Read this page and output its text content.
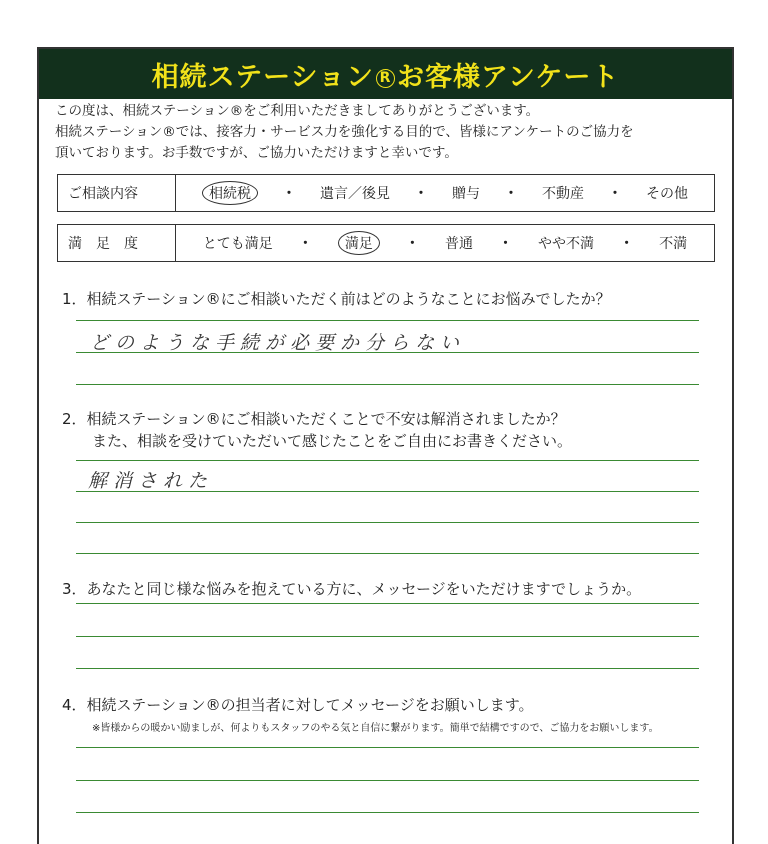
相続ステーション R お客様アンケート
この度は、相続ステーション®をご利用いただきましてありがとうございます。
相続ステーション®では、接客力・サービス力を強化する目的で、皆様にアンケートのご協力を
頂いております。お手数ですが、ご協力いただけますと幸いです。
ご相談内容	相続税	・ 遺言／後見 ・ 贈与 ・ 不動産 ・ その他
満　足　度	とても満足 ・	満足	・ 普通 ・ やや不満 ・ 不満
1．相続ステーション®にご相談いただく前はどのようなことにお悩みでしたか？
どのような手続が必要か分らない
2．相続ステーション®にご相談いただくことで不安は解消されましたか？
また、相談を受けていただいて感じたことをご自由にお書きください。
解消された
3．あなたと同じ様な悩みを抱えている方に、メッセージをいただけますでしょうか。
4．相続ステーション®の担当者に対してメッセージをお願いします。
※皆様からの暖かい励ましが、何よりもスタッフのやる気と自信に繋がります。簡単で結構ですので、ご協力をお願いします。
